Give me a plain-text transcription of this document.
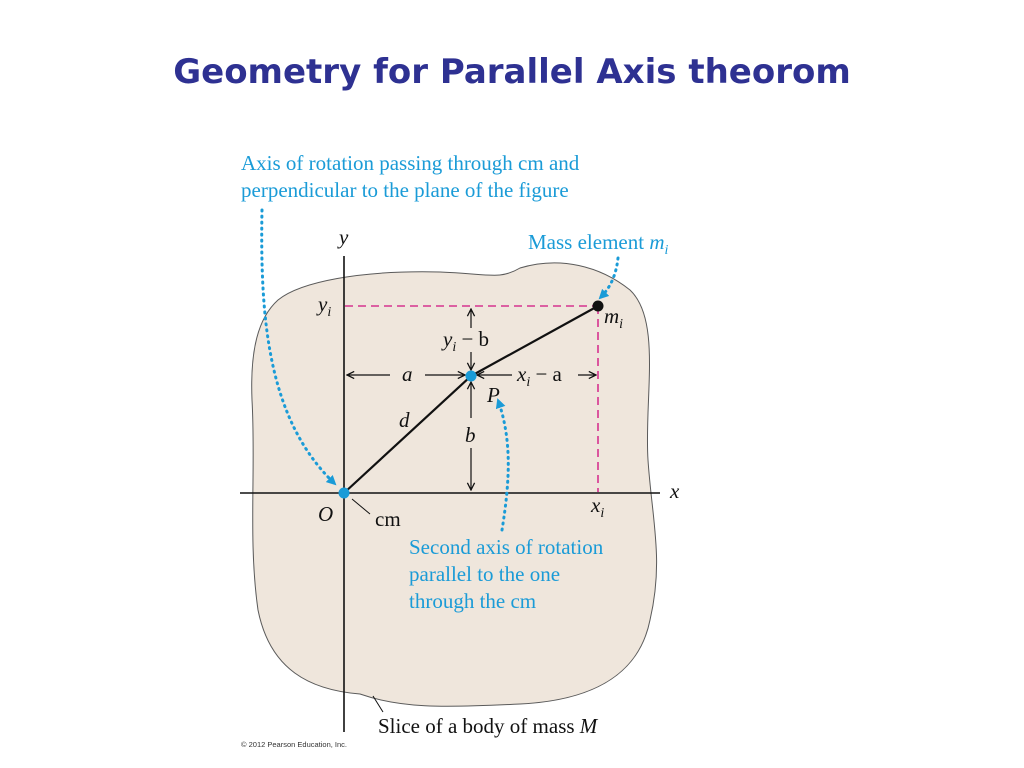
Geometry for Parallel Axis theorom
Axis of rotation passing through cm and
perpendicular to the plane of the figure
Mass element $m_i$
Second axis of rotation
parallel to the one
through the cm
y
x
O cm
P
d
a
b
$m_i$
$y_i$
$x_i$
$y_i - b$
$x_i - a$
Slice of a body of mass M
© 2012 Pearson Education, Inc.
